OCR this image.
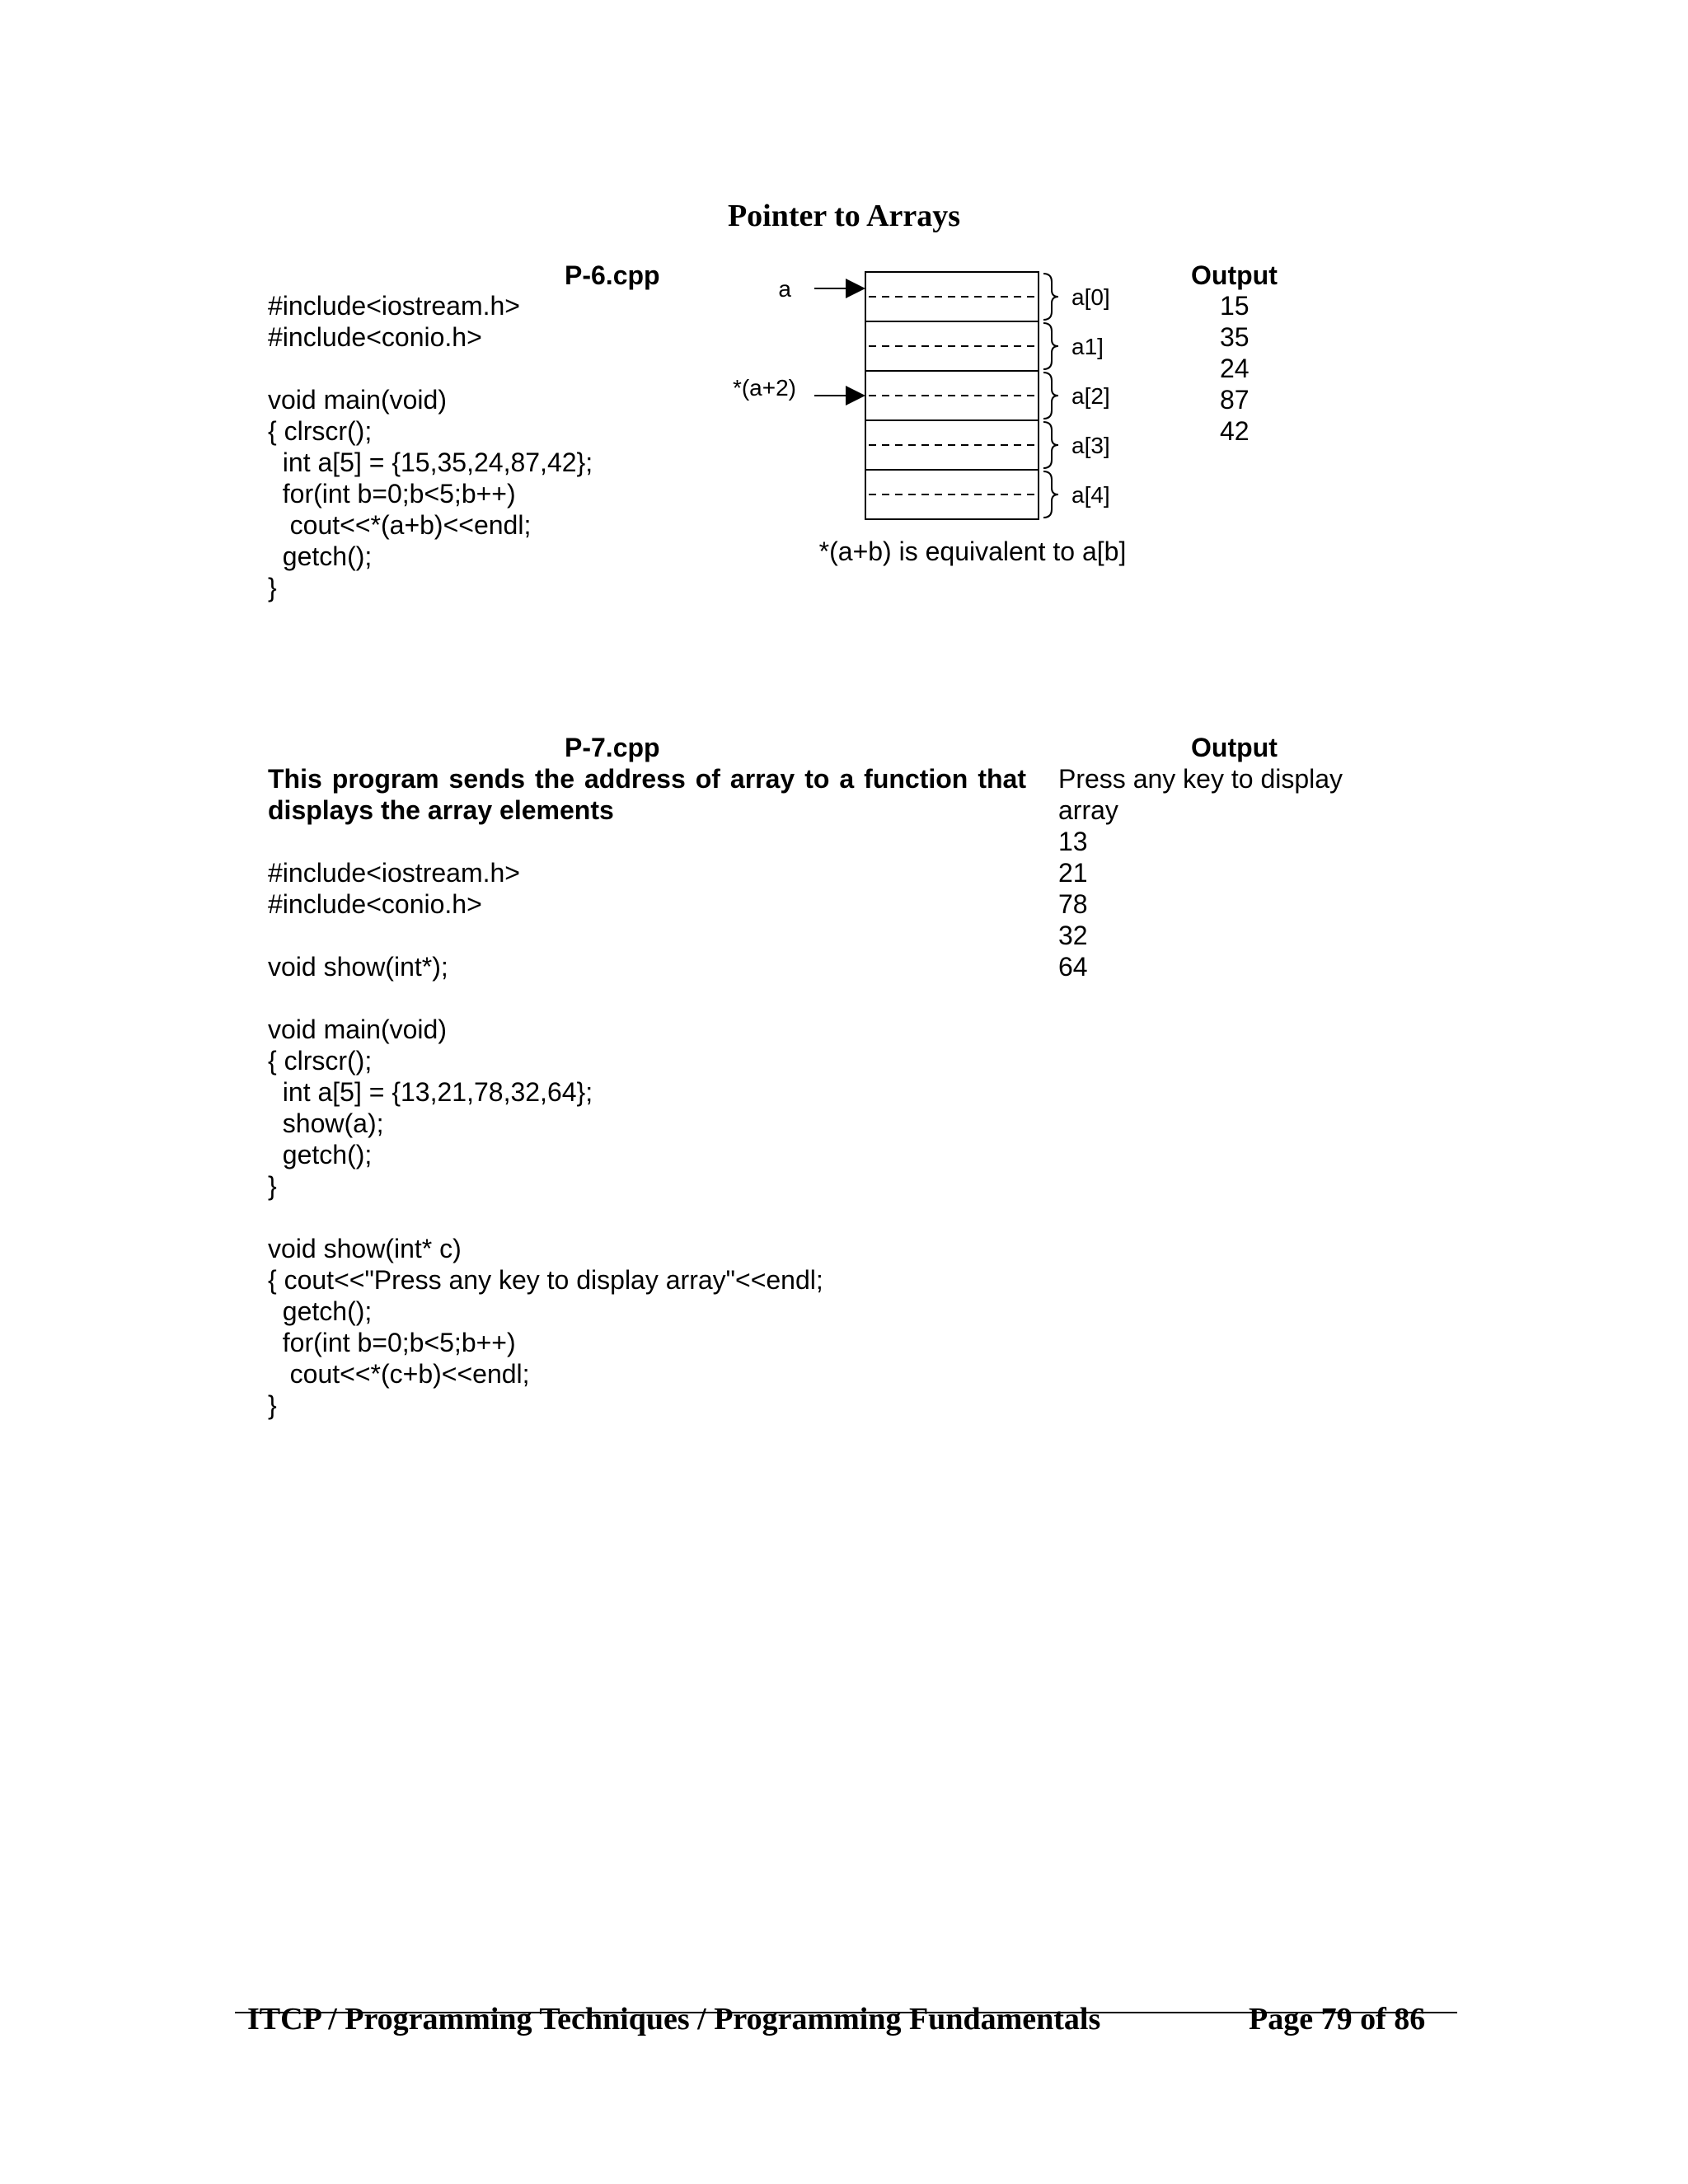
Pointer to Arrays
P-6.cpp
#include<iostream.h>
#include<conio.h>
void main(void)
{ clrscr();
int a[5] = {15,35,24,87,42};
for(int b=0;b<5;b++)
cout<<*(a+b)<<endl;
getch();
}
a
*(a+2)
a[0]
a1]
a[2]
a[3]
a[4]
*(a+b) is equivalent to a[b]
Output
15
35
24
87
42
P-7.cpp
This program sends the address of array to a function that displays the array elements
#include<iostream.h>
#include<conio.h>
void show(int*);
void main(void)
{ clrscr();
int a[5] = {13,21,78,32,64};
show(a);
getch();
}
void show(int* c)
{ cout<<"Press any key to display array"<<endl;
getch();
for(int b=0;b<5;b++)
cout<<*(c+b)<<endl;
}
Output
Press any key to display
array
13
21
78
32
64
ITCP / Programming Techniques / Programming Fundamentals	Page 79 of 86
